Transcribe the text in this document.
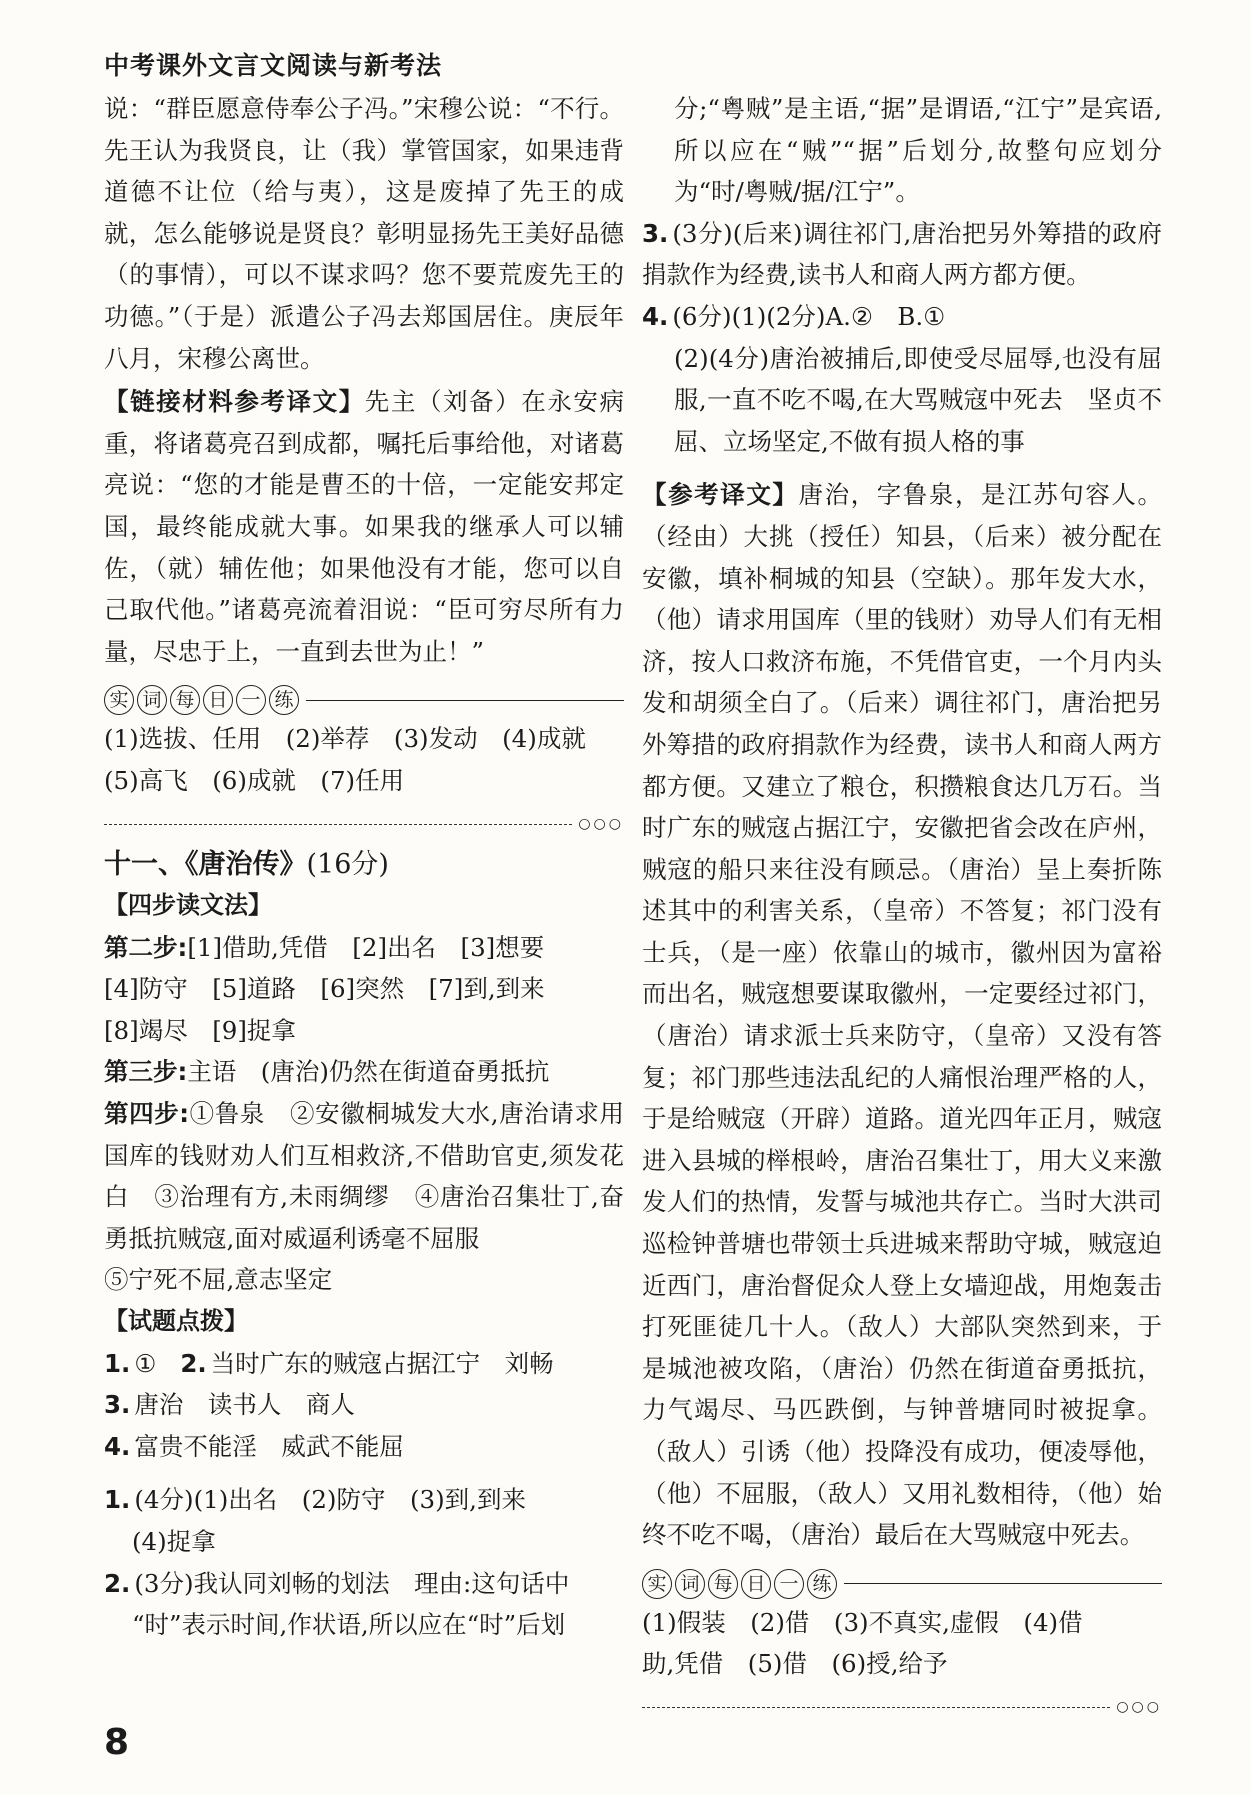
中考课外文言文阅读与新考法

说：“群臣愿意侍奉公子冯。”宋穆公说：“不行。先王认为我贤良，让（我）掌管国家，如果违背道德不让位（给与夷），这是废掉了先王的成就，怎么能够说是贤良？彰明显扬先王美好品德（的事情），可以不谋求吗？您不要荒废先王的功德。”（于是）派遣公子冯去郑国居住。庚辰年八月，宋穆公离世。

【链接材料参考译文】先主（刘备）在永安病重，将诸葛亮召到成都，嘱托后事给他，对诸葛亮说：“您的才能是曹丕的十倍，一定能安邦定国，最终能成就大事。如果我的继承人可以辅佐，（就）辅佐他；如果他没有才能，您可以自己取代他。”诸葛亮流着泪说：“臣可穷尽所有力量，尽忠于上，一直到去世为止！”

实 词 每 日 一 练

(1)选拔、任用　(2)举荐　(3)发动　(4)成就

(5)高飞　(6)成就　(7)任用

○○○

十一、《唐治传》(16分)

【四步读文法】

第二步:[1]借助,凭借　[2]出名　[3]想要

[4]防守　[5]道路　[6]突然　[7]到,到来

[8]竭尽　[9]捉拿

第三步:主语　(唐治)仍然在街道奋勇抵抗

第四步:①鲁泉　②安徽桐城发大水,唐治请求用国库的钱财劝人们互相救济,不借助官吏,须发花白　③治理有方,未雨绸缪　④唐治召集壮丁,奋勇抵抗贼寇,面对威逼利诱毫不屈服

⑤宁死不屈,意志坚定

【试题点拨】

1. ① 2. 当时广东的贼寇占据江宁　刘畅

3. 唐治　读书人　商人

4. 富贵不能淫　威武不能屈

1. (4分)(1)出名　(2)防守　(3)到,到来

(4)捉拿

2. (3分)我认同刘畅的划法　理由:这句话中

“时”表示时间,作状语,所以应在“时”后划

分;“粤贼”是主语,“据”是谓语,“江宁”是宾语,所以应在“贼”“据”后划分,故整句应划分为“时/粤贼/据/江宁”。

3. (3分)(后来)调往祁门,唐治把另外筹措的政府捐款作为经费,读书人和商人两方都方便。

4. (6分)(1)(2分)A.②　B.①

(2)(4分)唐治被捕后,即使受尽屈辱,也没有屈服,一直不吃不喝,在大骂贼寇中死去　坚贞不屈、立场坚定,不做有损人格的事

【参考译文】唐治，字鲁泉，是江苏句容人。（经由）大挑（授任）知县，（后来）被分配在安徽，填补桐城的知县（空缺）。那年发大水，（他）请求用国库（里的钱财）劝导人们有无相济，按人口救济布施，不凭借官吏，一个月内头发和胡须全白了。（后来）调往祁门，唐治把另外筹措的政府捐款作为经费，读书人和商人两方都方便。又建立了粮仓，积攒粮食达几万石。当时广东的贼寇占据江宁，安徽把省会改在庐州，贼寇的船只来往没有顾忌。（唐治）呈上奏折陈述其中的利害关系，（皇帝）不答复；祁门没有士兵，（是一座）依靠山的城市，徽州因为富裕而出名，贼寇想要谋取徽州，一定要经过祁门，（唐治）请求派士兵来防守，（皇帝）又没有答复；祁门那些违法乱纪的人痛恨治理严格的人，于是给贼寇（开辟）道路。道光四年正月，贼寇进入县城的榉根岭，唐治召集壮丁，用大义来激发人们的热情，发誓与城池共存亡。当时大洪司巡检钟普塘也带领士兵进城来帮助守城，贼寇迫近西门，唐治督促众人登上女墙迎战，用炮轰击打死匪徒几十人。（敌人）大部队突然到来，于是城池被攻陷，（唐治）仍然在街道奋勇抵抗，力气竭尽、马匹跌倒，与钟普塘同时被捉拿。（敌人）引诱（他）投降没有成功，便凌辱他，（他）不屈服，（敌人）又用礼数相待，（他）始终不吃不喝，（唐治）最后在大骂贼寇中死去。

实 词 每 日 一 练

(1)假装　(2)借　(3)不真实,虚假　(4)借

助,凭借　(5)借　(6)授,给予

○○○
8
